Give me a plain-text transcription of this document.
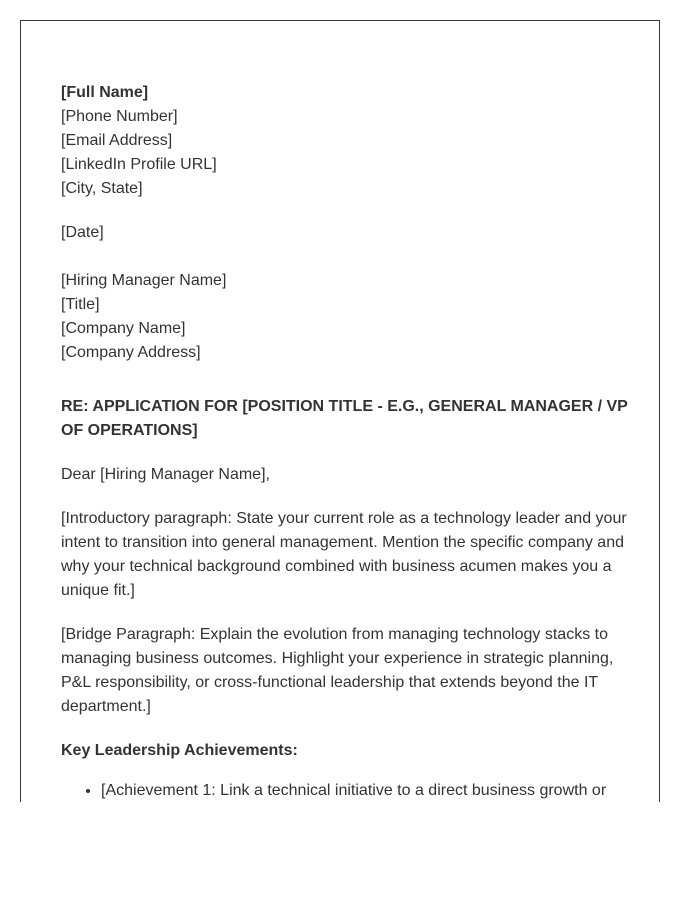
[Full Name]
[Phone Number]
[Email Address]
[LinkedIn Profile URL]
[City, State]

[Date]

[Hiring Manager Name]
[Title]
[Company Name]
[Company Address]

RE: APPLICATION FOR [POSITION TITLE - E.G., GENERAL MANAGER / VP OF OPERATIONS]

Dear [Hiring Manager Name],

[Introductory paragraph: State your current role as a technology leader and your intent to transition into general management. Mention the specific company and why your technical background combined with business acumen makes you a unique fit.]

[Bridge Paragraph: Explain the evolution from managing technology stacks to managing business outcomes. Highlight your experience in strategic planning, P&L responsibility, or cross-functional leadership that extends beyond the IT department.]

Key Leadership Achievements:

• [Achievement 1: Link a technical initiative to a direct business growth or
